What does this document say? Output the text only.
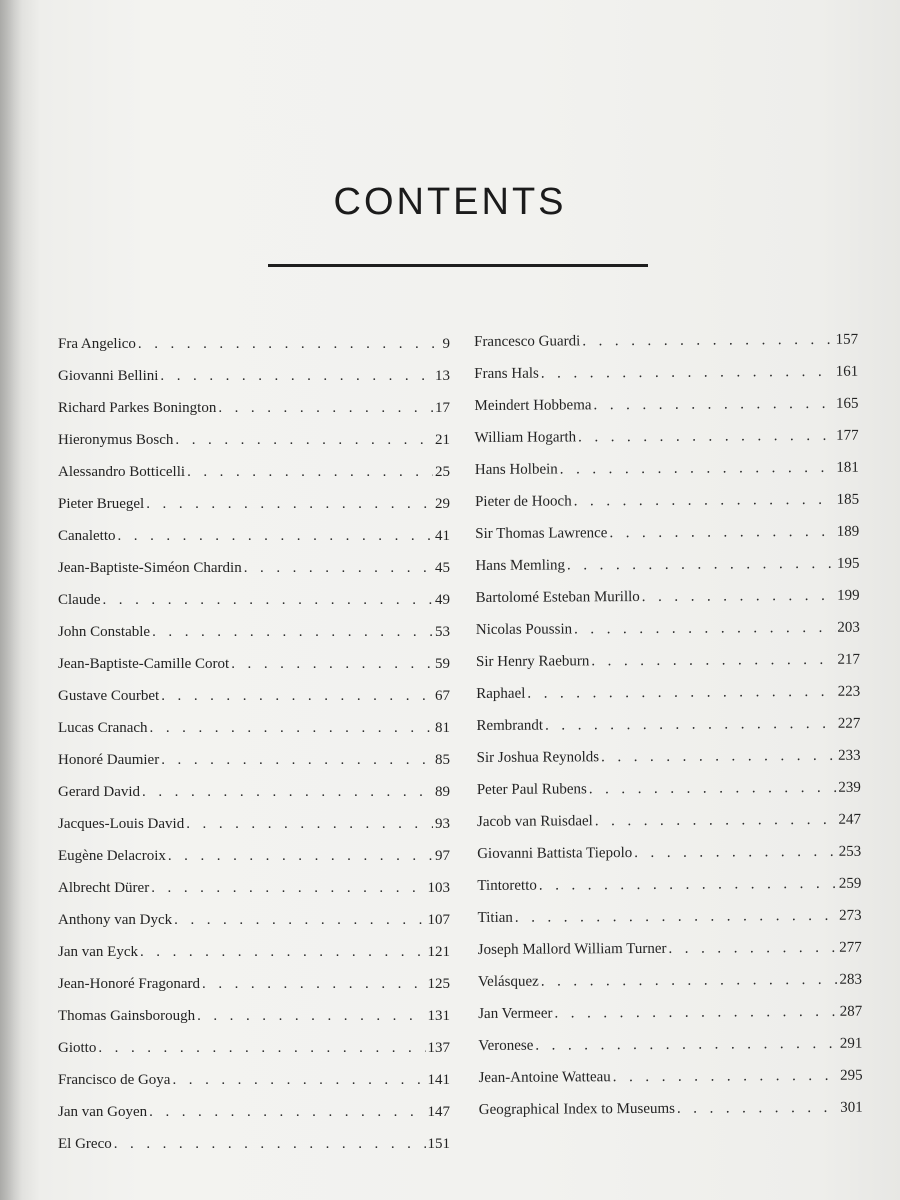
CONTENTS
Fra Angelico . . .	9
Giovanni Bellini . . .	13
Richard Parkes Bonington . . .	17
Hieronymus Bosch . . .	21
Alessandro Botticelli . . .	25
Pieter Bruegel . . .	29
Canaletto . . .	41
Jean-Baptiste-Siméon Chardin . . .	45
Claude . . .	49
John Constable . . .	53
Jean-Baptiste-Camille Corot . . .	59
Gustave Courbet . . .	67
Lucas Cranach . . .	81
Honoré Daumier . . .	85
Gerard David . . .	89
Jacques-Louis David . . .	93
Eugène Delacroix . . .	97
Albrecht Dürer . . .	103
Anthony van Dyck . . .	107
Jan van Eyck . . .	121
Jean-Honoré Fragonard . . .	125
Thomas Gainsborough . . .	131
Giotto . . .	137
Francisco de Goya . . .	141
Jan van Goyen . . .	147
El Greco . . .	151
Francesco Guardi . . .	157
Frans Hals . . .	161
Meindert Hobbema . . .	165
William Hogarth . . .	177
Hans Holbein . . .	181
Pieter de Hooch . . .	185
Sir Thomas Lawrence . . .	189
Hans Memling . . .	195
Bartolomé Esteban Murillo . . .	199
Nicolas Poussin . . .	203
Sir Henry Raeburn . . .	217
Raphael . . .	223
Rembrandt . . .	227
Sir Joshua Reynolds . . .	233
Peter Paul Rubens . . .	239
Jacob van Ruisdael . . .	247
Giovanni Battista Tiepolo . . .	253
Tintoretto . . .	259
Titian . . .	273
Joseph Mallord William Turner . . .	277
Velásquez . . .	283
Jan Vermeer . . .	287
Veronese . . .	291
Jean-Antoine Watteau . . .	295
Geographical Index to Museums . . .	301
